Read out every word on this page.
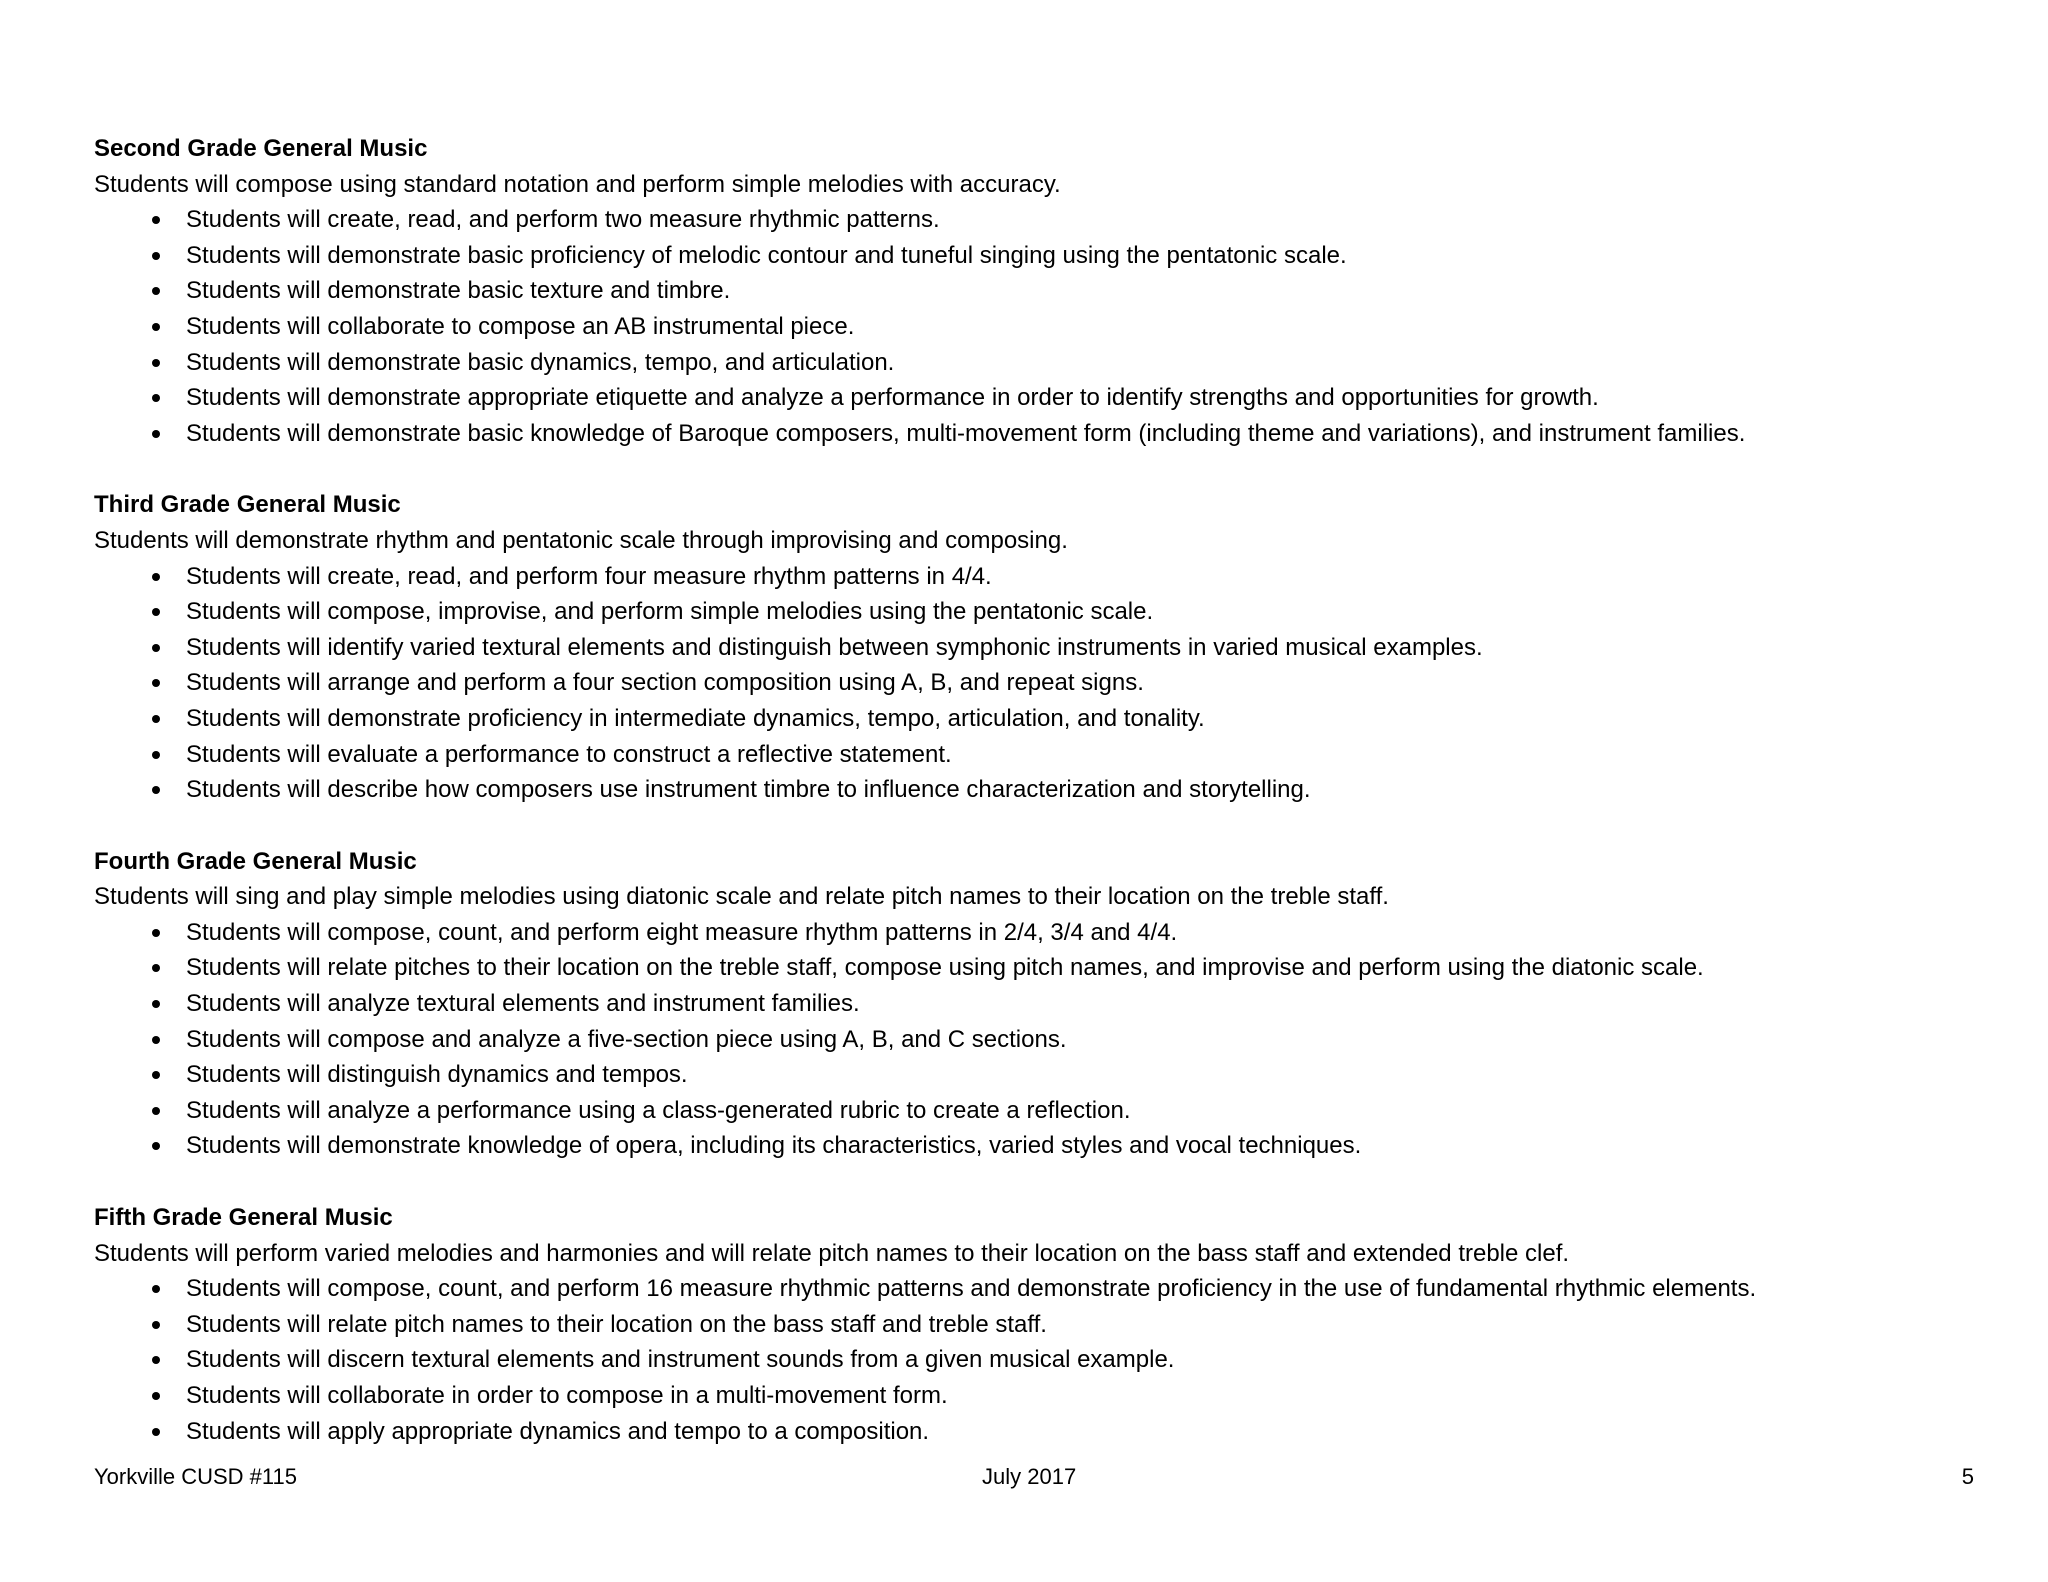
Second Grade General Music
Students will compose using standard notation and perform simple melodies with accuracy.
Students will create, read, and perform two measure rhythmic patterns.
Students will demonstrate basic proficiency of melodic contour and tuneful singing using the pentatonic scale.
Students will demonstrate basic texture and timbre.
Students will collaborate to compose an AB instrumental piece.
Students will demonstrate basic dynamics, tempo, and articulation.
Students will demonstrate appropriate etiquette and analyze a performance in order to identify strengths and opportunities for growth.
Students will demonstrate basic knowledge of Baroque composers, multi-movement form (including theme and variations), and instrument families.
Third Grade General Music
Students will demonstrate rhythm and pentatonic scale through improvising and composing.
Students will create, read, and perform four measure rhythm patterns in 4/4.
Students will compose, improvise, and perform simple melodies using the pentatonic scale.
Students will identify varied textural elements and distinguish between symphonic instruments in varied musical examples.
Students will arrange and perform a four section composition using A, B, and repeat signs.
Students will demonstrate proficiency in intermediate dynamics, tempo, articulation, and tonality.
Students will evaluate a performance to construct a reflective statement.
Students will describe how composers use instrument timbre to influence characterization and storytelling.
Fourth Grade General Music
Students will sing and play simple melodies using diatonic scale and relate pitch names to their location on the treble staff.
Students will compose, count, and perform eight measure rhythm patterns in 2/4, 3/4 and 4/4.
Students will relate pitches to their location on the treble staff, compose using pitch names, and improvise and perform using the diatonic scale.
Students will analyze textural elements and instrument families.
Students will compose and analyze a five-section piece using A, B, and C sections.
Students will distinguish dynamics and tempos.
Students will analyze a performance using a class-generated rubric to create a reflection.
Students will demonstrate knowledge of opera, including its characteristics, varied styles and vocal techniques.
Fifth Grade General Music
Students will perform varied melodies and harmonies and will relate pitch names to their location on the bass staff and extended treble clef.
Students will compose, count, and perform 16 measure rhythmic patterns and demonstrate proficiency in the use of fundamental rhythmic elements.
Students will relate pitch names to their location on the bass staff and treble staff.
Students will discern textural elements and instrument sounds from a given musical example.
Students will collaborate in order to compose in a multi-movement form.
Students will apply appropriate dynamics and tempo to a composition.
Yorkville CUSD #115	July 2017	5
